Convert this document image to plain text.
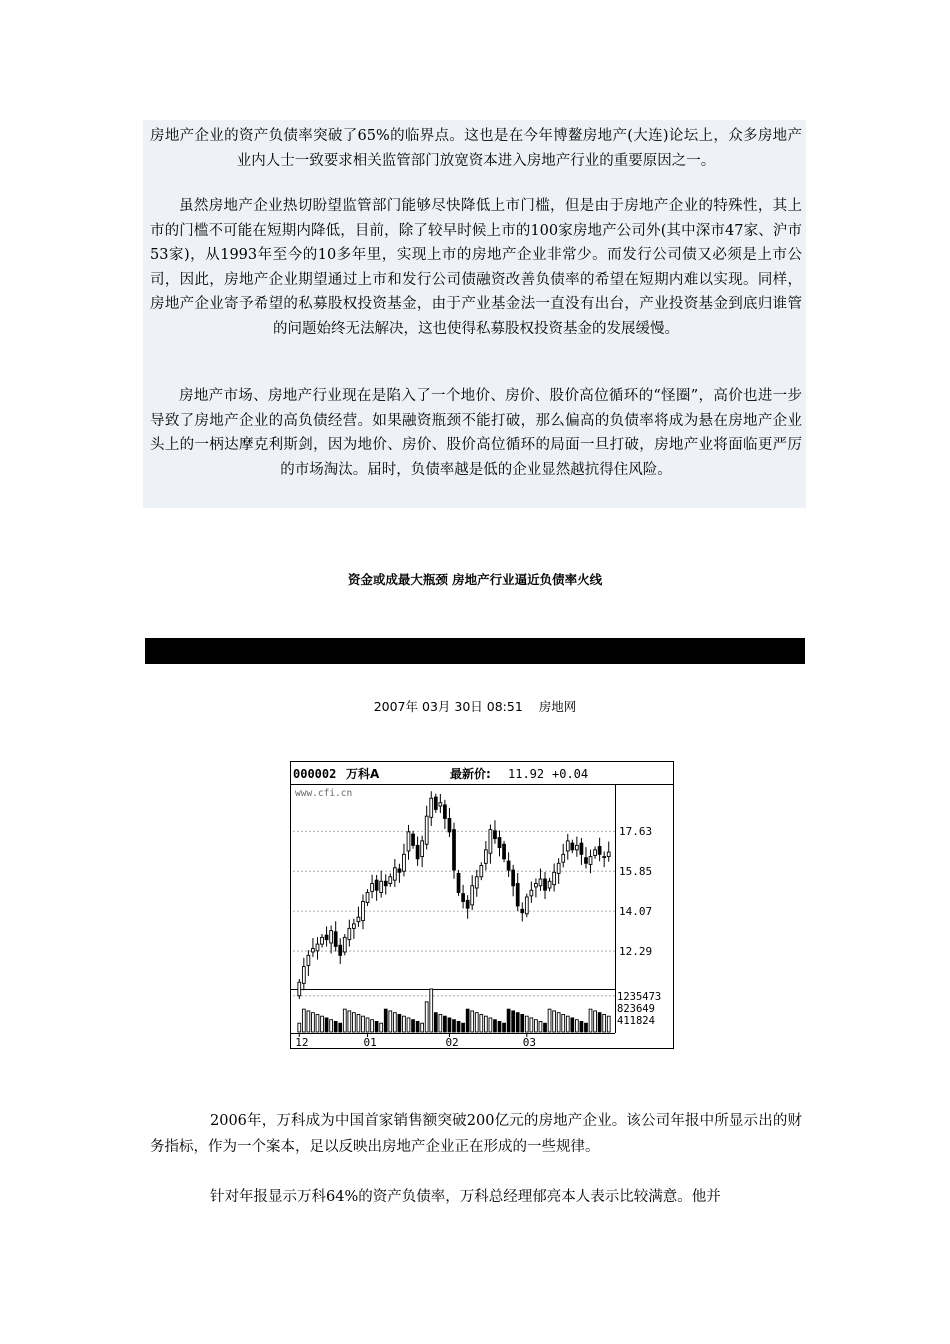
房地产企业的资产负债率突破了65%的临界点。这也是在今年博鳌房地产(大连)论坛上，众多房地产业内人士一致要求相关监管部门放宽资本进入房地产行业的重要原因之一。

虽然房地产企业热切盼望监管部门能够尽快降低上市门槛，但是由于房地产企业的特殊性，其上市的门槛不可能在短期内降低，目前，除了较早时候上市的100家房地产公司外(其中深市47家、沪市53家)，从1993年至今的10多年里，实现上市的房地产企业非常少。而发行公司债又必须是上市公司，因此，房地产企业期望通过上市和发行公司债融资改善负债率的希望在短期内难以实现。同样，房地产企业寄予希望的私募股权投资基金，由于产业基金法一直没有出台，产业投资基金到底归谁管的问题始终无法解决，这也使得私募股权投资基金的发展缓慢。

房地产市场、房地产行业现在是陷入了一个地价、房价、股价高位循环的“怪圈”，高价也进一步导致了房地产企业的高负债经营。如果融资瓶颈不能打破，那么偏高的负债率将成为悬在房地产企业头上的一柄达摩克利斯剑，因为地价、房价、股价高位循环的局面一旦打破，房地产业将面临更严厉的市场淘汰。届时，负债率越是低的企业显然越抗得住风险。

资金或成最大瓶颈 房地产行业逼近负债率火线
2007年 03月 30日 08:51 房地网
000002 万科A	最新价: 11.92 +0.04
www.cfi.cn
17.63
15.85
14.07
12.29
1235473
823649
411824
12	01	02	03

2006年，万科成为中国首家销售额突破200亿元的房地产企业。该公司年报中所显示出的财务指标，作为一个案本，足以反映出房地产企业正在形成的一些规律。

针对年报显示万科64%的资产负债率，万科总经理郁亮本人表示比较满意。他并
